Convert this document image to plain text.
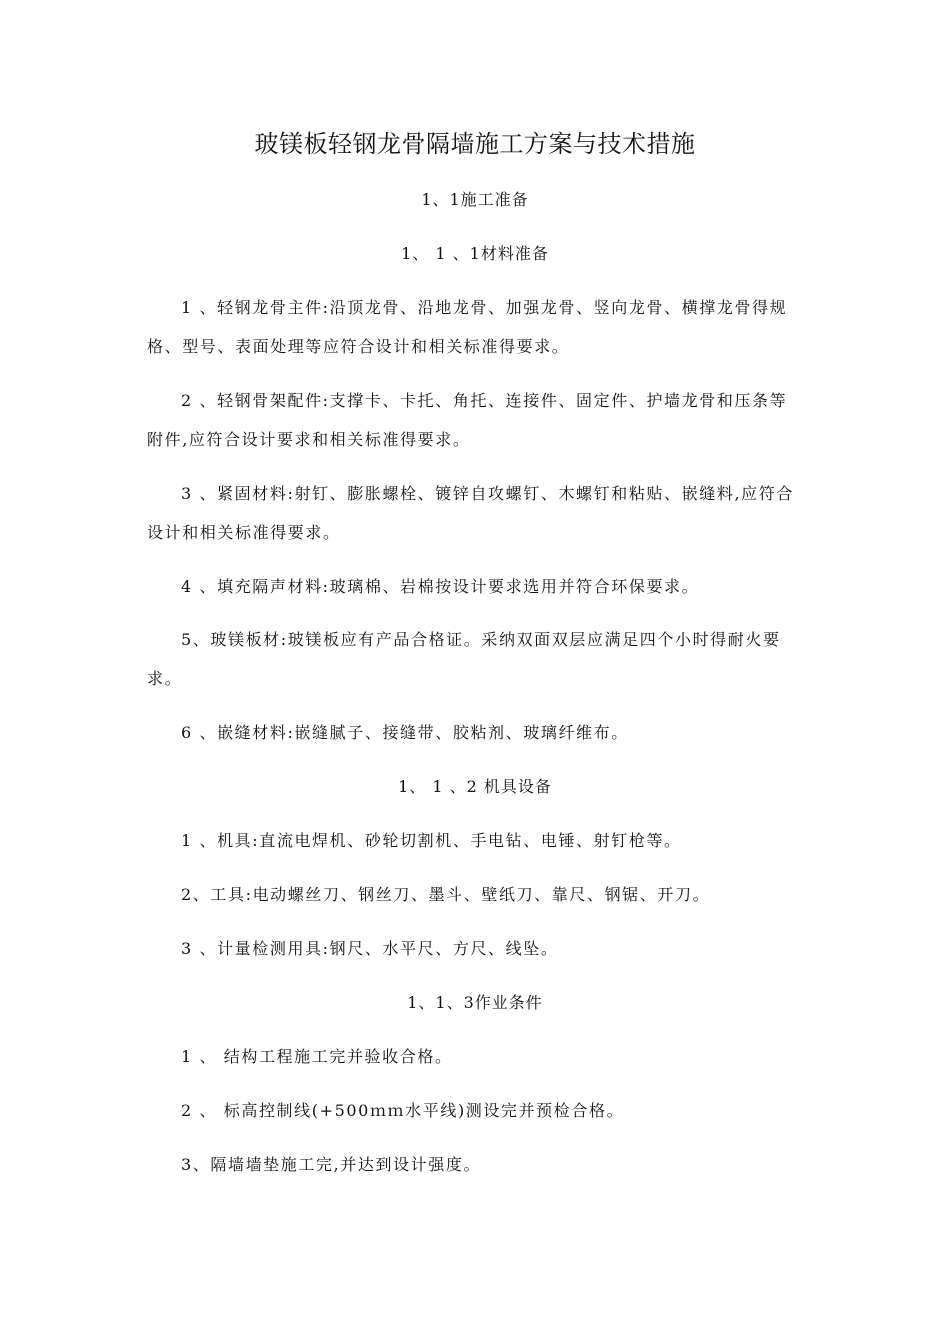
玻镁板轻钢龙骨隔墙施工方案与技术措施
1、1施工准备
1、 1 、1材料准备
1 、轻钢龙骨主件:沿顶龙骨、沿地龙骨、加强龙骨、竖向龙骨、横撑龙骨得规格、型号、表面处理等应符合设计和相关标准得要求。
2 、轻钢骨架配件:支撑卡、卡托、角托、连接件、固定件、护墙龙骨和压条等附件,应符合设计要求和相关标准得要求。
3 、紧固材料:射钉、膨胀螺栓、镀锌自攻螺钉、木螺钉和粘贴、嵌缝料,应符合设计和相关标准得要求。
4 、填充隔声材料:玻璃棉、岩棉按设计要求选用并符合环保要求。
5、玻镁板材:玻镁板应有产品合格证。采纳双面双层应满足四个小时得耐火要求。
6 、嵌缝材料:嵌缝腻子、接缝带、胶粘剂、玻璃纤维布。
1、 1 、2 机具设备
1 、机具:直流电焊机、砂轮切割机、手电钻、电锤、射钉枪等。
2、工具:电动螺丝刀、钢丝刀、墨斗、壁纸刀、靠尺、钢锯、开刀。
3 、计量检测用具:钢尺、水平尺、方尺、线坠。
1、1、3作业条件
1 、 结构工程施工完并验收合格。
2 、 标高控制线(+500ｍｍ水平线)测设完并预检合格。
3、隔墙墙垫施工完,并达到设计强度。
